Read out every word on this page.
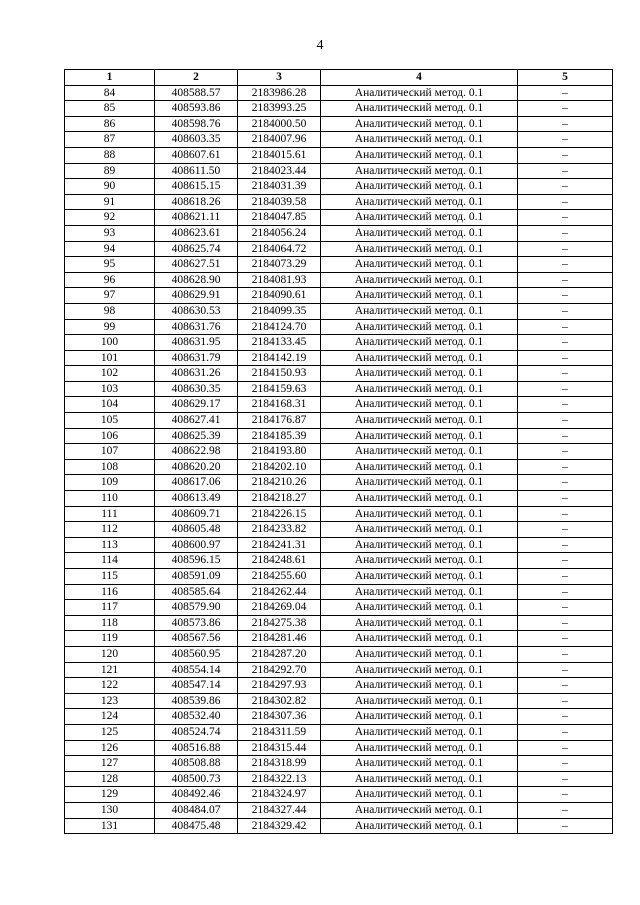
4
1	2	3	4	5
84	408588.57	2183986.28	Аналитический метод. 0.1	–
85	408593.86	2183993.25	Аналитический метод. 0.1	–
86	408598.76	2184000.50	Аналитический метод. 0.1	–
87	408603.35	2184007.96	Аналитический метод. 0.1	–
88	408607.61	2184015.61	Аналитический метод. 0.1	–
89	408611.50	2184023.44	Аналитический метод. 0.1	–
90	408615.15	2184031.39	Аналитический метод. 0.1	–
91	408618.26	2184039.58	Аналитический метод. 0.1	–
92	408621.11	2184047.85	Аналитический метод. 0.1	–
93	408623.61	2184056.24	Аналитический метод. 0.1	–
94	408625.74	2184064.72	Аналитический метод. 0.1	–
95	408627.51	2184073.29	Аналитический метод. 0.1	–
96	408628.90	2184081.93	Аналитический метод. 0.1	–
97	408629.91	2184090.61	Аналитический метод. 0.1	–
98	408630.53	2184099.35	Аналитический метод. 0.1	–
99	408631.76	2184124.70	Аналитический метод. 0.1	–
100	408631.95	2184133.45	Аналитический метод. 0.1	–
101	408631.79	2184142.19	Аналитический метод. 0.1	–
102	408631.26	2184150.93	Аналитический метод. 0.1	–
103	408630.35	2184159.63	Аналитический метод. 0.1	–
104	408629.17	2184168.31	Аналитический метод. 0.1	–
105	408627.41	2184176.87	Аналитический метод. 0.1	–
106	408625.39	2184185.39	Аналитический метод. 0.1	–
107	408622.98	2184193.80	Аналитический метод. 0.1	–
108	408620.20	2184202.10	Аналитический метод. 0.1	–
109	408617.06	2184210.26	Аналитический метод. 0.1	–
110	408613.49	2184218.27	Аналитический метод. 0.1	–
111	408609.71	2184226.15	Аналитический метод. 0.1	–
112	408605.48	2184233.82	Аналитический метод. 0.1	–
113	408600.97	2184241.31	Аналитический метод. 0.1	–
114	408596.15	2184248.61	Аналитический метод. 0.1	–
115	408591.09	2184255.60	Аналитический метод. 0.1	–
116	408585.64	2184262.44	Аналитический метод. 0.1	–
117	408579.90	2184269.04	Аналитический метод. 0.1	–
118	408573.86	2184275.38	Аналитический метод. 0.1	–
119	408567.56	2184281.46	Аналитический метод. 0.1	–
120	408560.95	2184287.20	Аналитический метод. 0.1	–
121	408554.14	2184292.70	Аналитический метод. 0.1	–
122	408547.14	2184297.93	Аналитический метод. 0.1	–
123	408539.86	2184302.82	Аналитический метод. 0.1	–
124	408532.40	2184307.36	Аналитический метод. 0.1	–
125	408524.74	2184311.59	Аналитический метод. 0.1	–
126	408516.88	2184315.44	Аналитический метод. 0.1	–
127	408508.88	2184318.99	Аналитический метод. 0.1	–
128	408500.73	2184322.13	Аналитический метод. 0.1	–
129	408492.46	2184324.97	Аналитический метод. 0.1	–
130	408484.07	2184327.44	Аналитический метод. 0.1	–
131	408475.48	2184329.42	Аналитический метод. 0.1	–
